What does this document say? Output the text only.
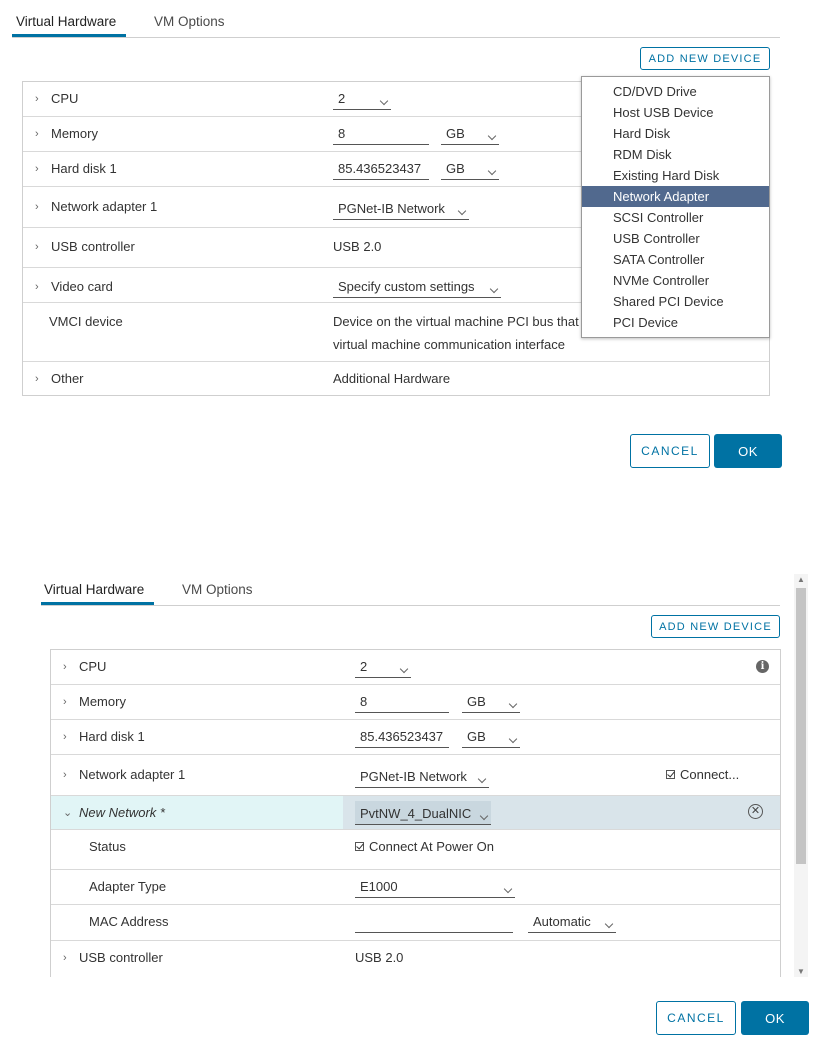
Virtual Hardware	VM Options
ADD NEW DEVICE
› CPU	2
› Memory	8	GB
› Hard disk 1	85.436523437 GB
› Network adapter 1	PGNet-IB Network
› USB controller	USB 2.0
› Video card	Specify custom settings
VMCI device	Device on the virtual machine PCI bus that
virtual machine communication interface
› Other	Additional Hardware
CD/DVD Drive
Host USB Device
Hard Disk
RDM Disk
Existing Hard Disk
Network Adapter
SCSI Controller
USB Controller
SATA Controller
NVMe Controller
Shared PCI Device
PCI Device
CANCEL	OK
Virtual Hardware	VM Options
ADD NEW DEVICE
▲
▼
› CPU	2	i
› Memory	8	GB
› Hard disk 1	85.436523437 GB
› Network adapter 1	PGNet-IB Network	Connect...
⌄ New Network *	PvtNW_4_DualNIC	✕
Status	Connect At Power On
Adapter Type	E1000
MAC Address	Automatic
› USB controller	USB 2.0
CANCEL	OK
